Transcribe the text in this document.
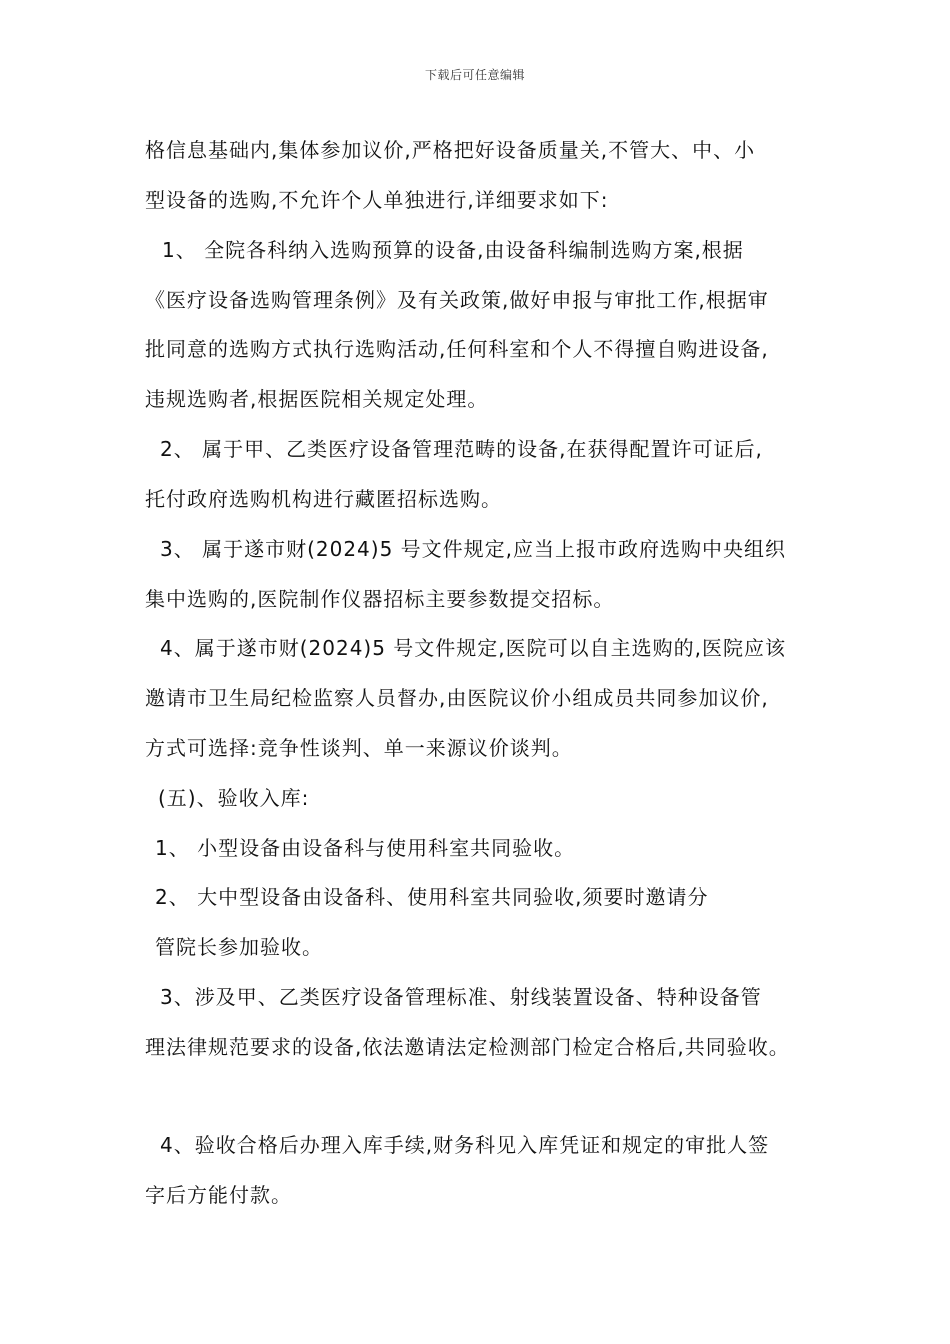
下载后可任意编辑
格信息基础内,集体参加议价,严格把好设备质量关,不管大、中、小
型设备的选购,不允许个人单独进行,详细要求如下:
1、 全院各科纳入选购预算的设备,由设备科编制选购方案,根据
《医疗设备选购管理条例》及有关政策,做好申报与审批工作,根据审
批同意的选购方式执行选购活动,任何科室和个人不得擅自购进设备,
违规选购者,根据医院相关规定处理。
2、 属于甲、乙类医疗设备管理范畴的设备,在获得配置许可证后,
托付政府选购机构进行藏匿招标选购。
3、 属于遂市财(2024)5 号文件规定,应当上报市政府选购中央组织
集中选购的,医院制作仪器招标主要参数提交招标。
4、属于遂市财(2024)5 号文件规定,医院可以自主选购的,医院应该
邀请市卫生局纪检监察人员督办,由医院议价小组成员共同参加议价,
方式可选择:竞争性谈判、单一来源议价谈判。
(五)、验收入库:
1、 小型设备由设备科与使用科室共同验收。
2、 大中型设备由设备科、使用科室共同验收,须要时邀请分
管院长参加验收。
3、涉及甲、乙类医疗设备管理标准、射线装置设备、特种设备管
理法律规范要求的设备,依法邀请法定检测部门检定合格后,共同验收。
4、验收合格后办理入库手续,财务科见入库凭证和规定的审批人签
字后方能付款。
